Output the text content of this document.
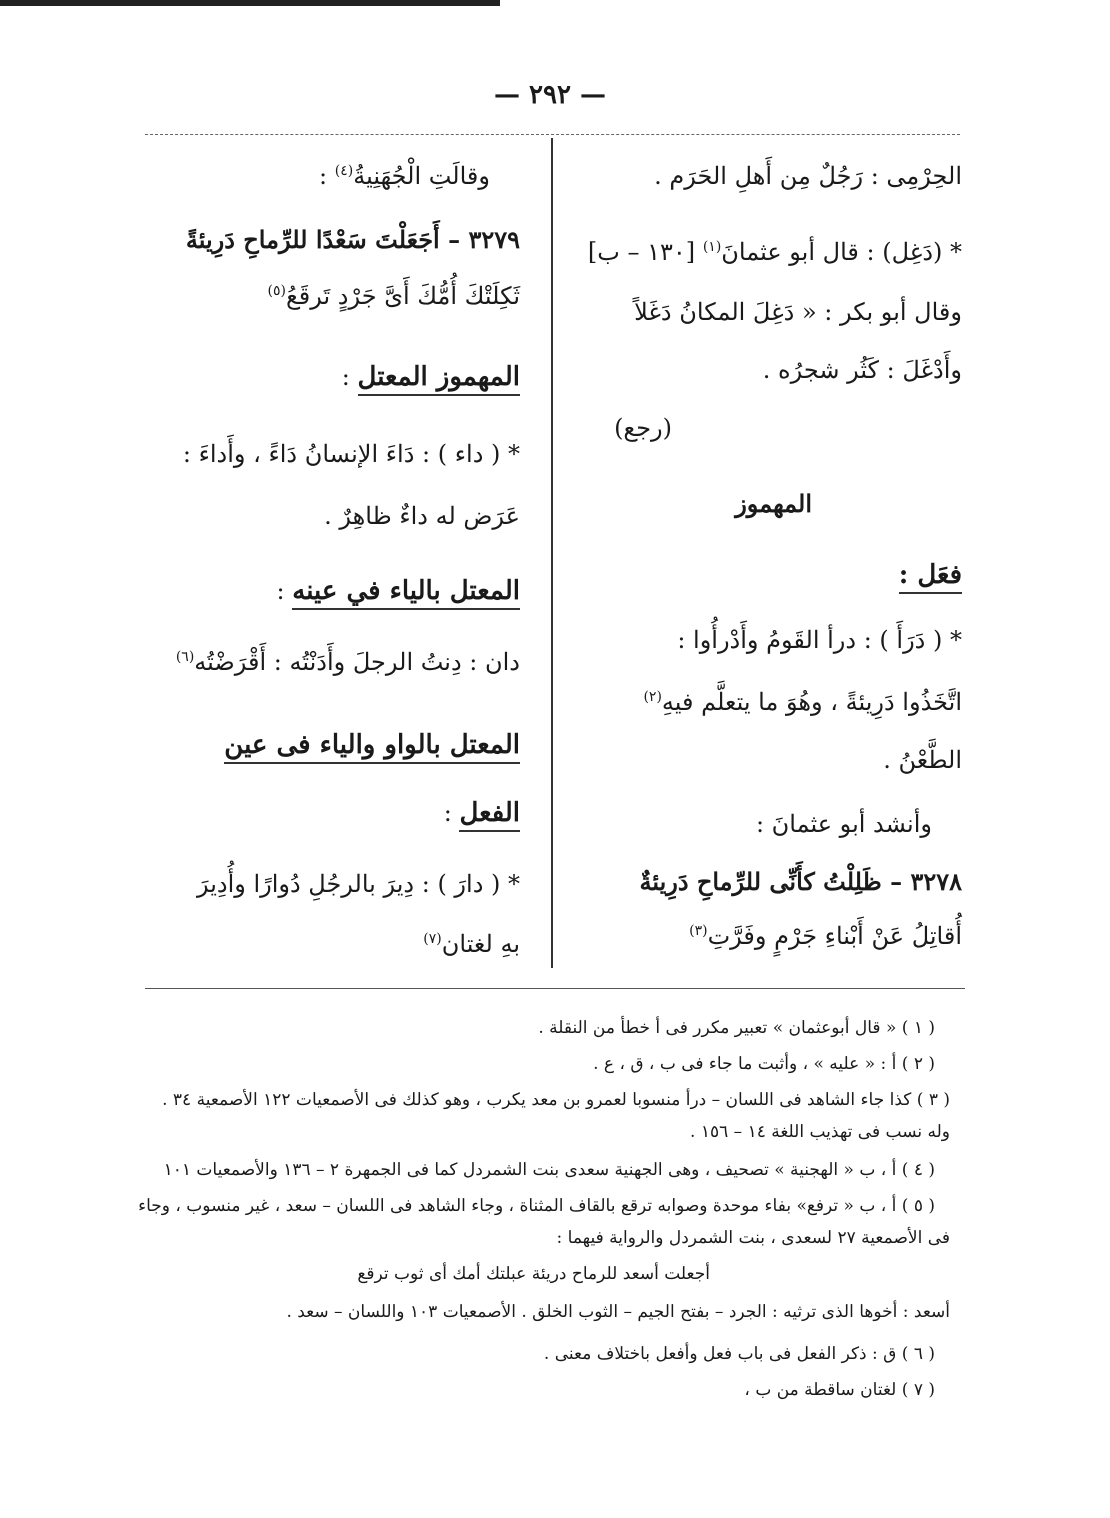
— ٢٩٢ —
الحِرْمِى : رَجُلٌ مِن أَهلِ الحَرَم .
* (دَغِل) : قال أبو عثمانَ$^{(١)}$ [١٣٠ – ب]
وقال أبو بكر : « دَغِلَ المكانُ دَغَلاً
وأَدْغَلَ : كَثُر شجرُه .
(رجع)
المهموز
فعَل :
* ( دَرَأَ ) : درأ القَومُ وأَدْرأُوا :
اتَّخَذُوا دَرِيئةً ، وهُوَ ما يتعلَّم فيهِ$^{(٢)}$
الطَّعْنُ .
وأنشد أبو عثمانَ :
٣٢٧٨ – ظَلِلْتُ كأَنِّى للرِّماحِ دَرِيئةٌ
أُقاتِلُ عَنْ أَبْناءِ جَرْمٍ وفَرَّتِ$^{(٣)}$
وقالَتِ الْجُهَنِيةُ$^{(٤)}$ :
٣٢٧٩ – أَجَعَلْتَ سَعْدًا للرِّماحِ دَرِيئةً
ثَكِلَتْكَ أُمُّكَ أَىَّ جَرْدٍ تَرقَعُ$^{(٥)}$
المهموز المعتل :
* ( داء ) : دَاءَ الإنسانُ دَاءً ، وأَداءَ :
عَرَض له داءٌ ظاهِرٌ .
المعتل بالياء في عينه :
دان : دِنتُ الرجلَ وأَدَنْتُه : أَقْرَضْتُه$^{(٦)}$
المعتل بالواو والياء فى عين
الفعل :
* ( دارَ ) : دِيرَ بالرجُلِ دُوارًا وأُدِيرَ
بهِ لغتان$^{(٧)}$
( ١ ) « قال أبوعثمان » تعبير مكرر فى أ خطأ من النقلة .
( ٢ ) أ : « عليه » ، وأثبت ما جاء فى ب ، ق ، ع .
( ٣ ) كذا جاء الشاهد فى اللسان – درأ منسوبا لعمرو بن معد يكرب ، وهو كذلك فى الأصمعيات ١٢٢ الأصمعية ٣٤ .
وله نسب فى تهذيب اللغة ١٤ – ١٥٦ .
( ٤ ) أ ، ب « الهجنية » تصحيف ، وهى الجهنية سعدى بنت الشمردل كما فى الجمهرة ٢ – ١٣٦ والأصمعيات ١٠١
( ٥ ) أ ، ب « ترفع» بفاء موحدة وصوابه ترقع بالقاف المثناة ، وجاء الشاهد فى اللسان – سعد ، غير منسوب ، وجاء
فى الأصمعية ٢٧ لسعدى ، بنت الشمردل والرواية فيهما :
أجعلت أسعد للرماح دريئة عبلتك أمك أى ثوب ترقع
أسعد : أخوها الذى ترثيه : الجرد – بفتح الجيم – الثوب الخلق . الأصمعيات ١٠٣ واللسان – سعد .
( ٦ ) ق : ذكر الفعل فى باب فعل وأفعل باختلاف معنى .
( ٧ ) لغتان ساقطة من ب ،
